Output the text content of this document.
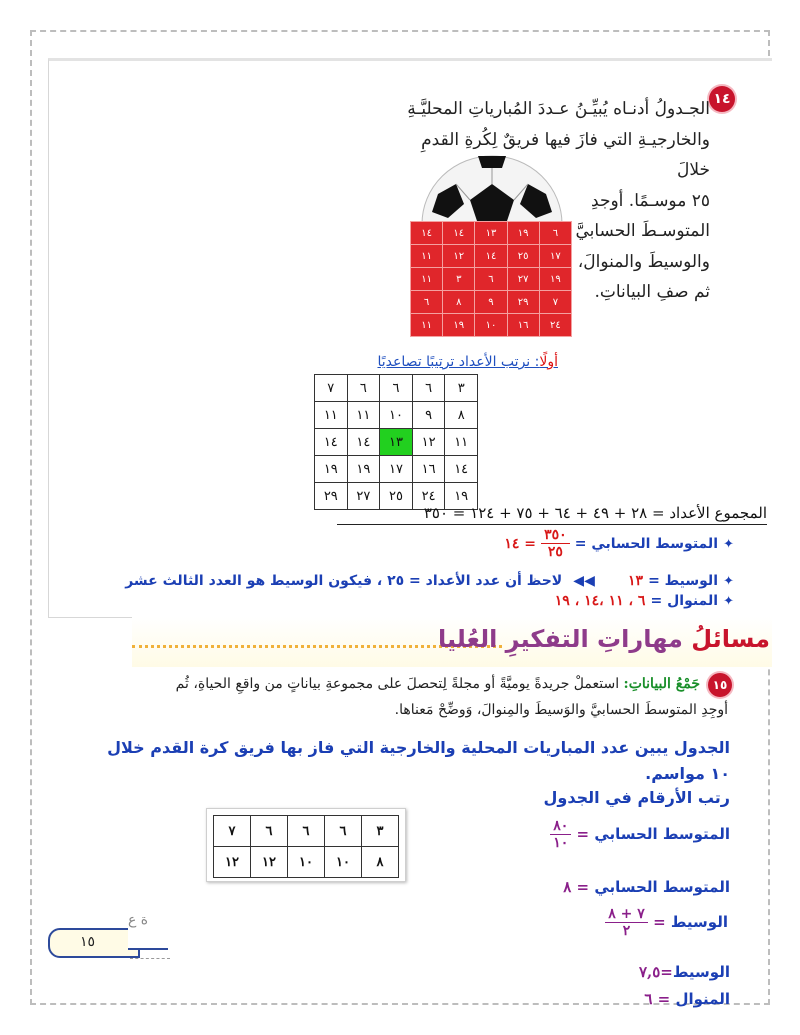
١٤
الجـدولُ أدنـاه يُبيِّـنُ عـددَ المُبارياتِ المحليَّـةِ
والخارجيـةِ التي فازَ فيها فريقٌ لِكُرةِ القدمِ خلالَ
٢٥ موسـمًا. أوجدِ
المتوسـطَ الحسابيَّ
والوسيطَ والمنوالَ،
ثم صفِ البياناتِ.
١٤	١٤	١٣	١٩	٦
١١	١٢	١٤	٢٥	١٧
١١	٣	٦	٢٧	١٩
٦	٨	٩	٢٩	٧
١١	١٩	١٠	١٦	٢٤
أولًا: نرتب الأعداد ترتيبًا تصاعديًا
٧	٦	٦	٦	٣
١١	١١	١٠	٩	٨
١٤	١٤	١٣	١٢	١١
١٩	١٩	١٧	١٦	١٤
٢٩	٢٧	٢٥	٢٤	١٩
المجموع الأعداد = ٢٨ + ٤٩ + ٦٤ + ٧٥ + ١٢٤ = ٣٥٠
✦ المتوسط الحسابي =
$\frac{٣٥٠}{٢٥}$
= ١٤
✦ الوسيط = ١٣ ◀◀ لاحظ أن عدد الأعداد = ٢٥ ، فيكون الوسيط هو العدد الثالث عشر
✦ المنوال = ٦ ، ١١ ،١٤ ، ١٩
مسائلُ مهاراتِ التفكيرِ العُليا
١٥
جَمْعُ البياناتِ: استعملْ جريدةً يوميَّةً أو مجلةً لِتحصلَ على مجموعةِ بياناتٍ من واقعِ الحياةِ، ثُم
أوجِدِ المتوسطَ الحسابيَّ والوَسيطَ والمِنوالَ، وَوضِّحْ مَعناها.
الجدول يبين عدد المباريات المحلية والخارجية التي فاز بها فريق كرة القدم خلال
١٠ مواسم.
رتب الأرقام في الجدول
٧	٦	٦	٦	٣
١٢	١٢	١٠	١٠	٨
المتوسط الحسابي =
$\frac{٨٠}{١٠}$
المتوسط الحسابي = ٨
الوسيط =
$\frac{٧ + ٨}{٢}$
الوسيط=٧,٥
المنوال = ٦
١٥
ة ع
